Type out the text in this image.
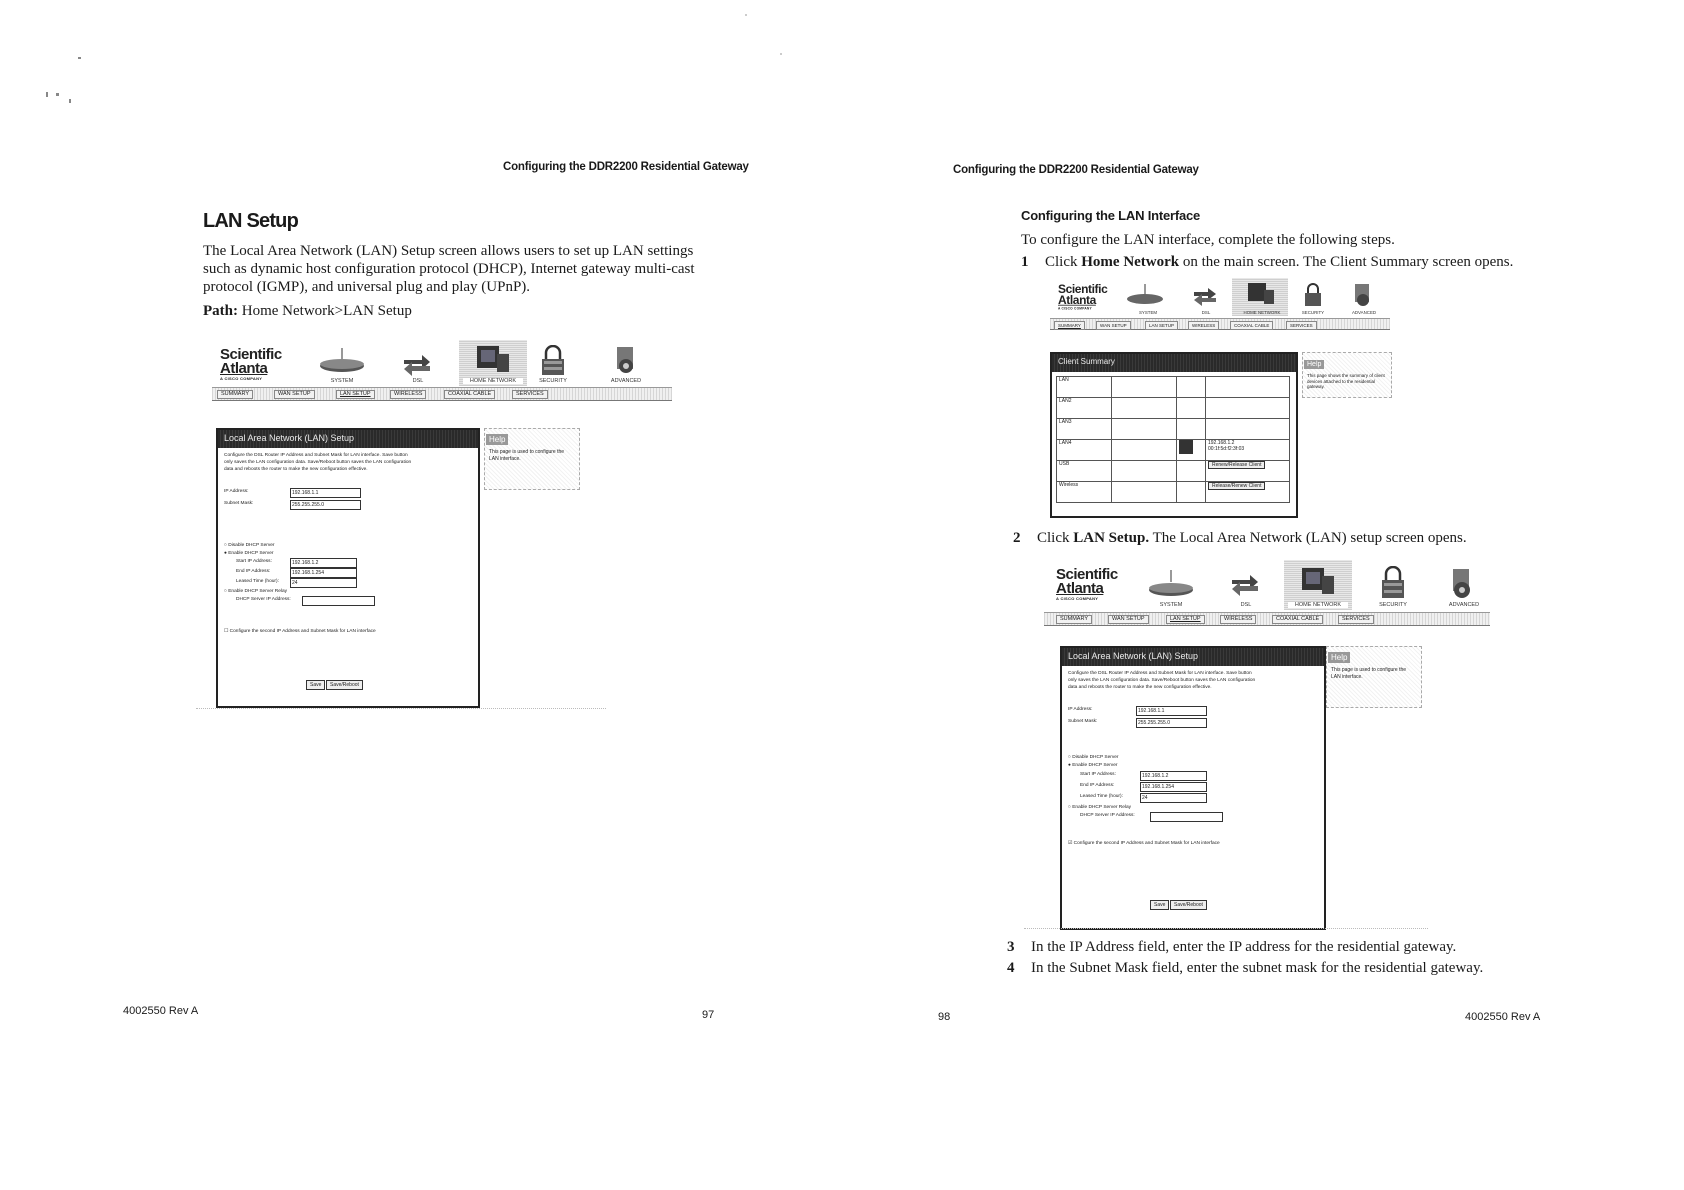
Configuring the DDR2200 Residential Gateway
LAN Setup
The Local Area Network (LAN) Setup screen allows users to set up LAN settings
such as dynamic host configuration protocol (DHCP), Internet gateway multi-cast
protocol (IGMP), and universal plug and play (UPnP).
Path: Home Network>LAN Setup
Scientific
Atlanta
A CISCO COMPANY	SYSTEM	DSL	HOME NETWORK	SECURITY	ADVANCED
SUMMARY	WAN SETUP	LAN SETUP	WIRELESS	COAXIAL CABLE	SERVICES
Local Area Network (LAN) Setup
Configure the DSL Router IP Address and Subnet Mask for LAN interface. Save button
only saves the LAN configuration data. Save/Reboot button saves the LAN configuration
data and reboots the router to make the new configuration effective.
IP Address:	192.168.1.1
Subnet Mask:	255.255.255.0
○ Disable DHCP Server
● Enable DHCP Server
Start IP Address:	192.168.1.2
End IP Address:	192.168.1.254
Leased Time (hour):	24
○ Enable DHCP Server Relay
DHCP Server IP Address:
☐ Configure the second IP Address and Subnet Mask for LAN interface
Save	Save/Reboot
Help
This page is used to configure the LAN interface.
4002550 Rev A	97
Configuring the DDR2200 Residential Gateway
Configuring the LAN Interface
To configure the LAN interface, complete the following steps.
1 Click Home Network on the main screen. The Client Summary screen opens.
Scientific
Atlanta
A CISCO COMPANY
SYSTEM	DSL	HOME NETWORK	SECURITY	ADVANCED
SUMMARY	WAN SETUP	LAN SETUP	WIRELESS	COAXIAL CABLE	SERVICES
Client Summary
LAN			
LAN2			
LAN3			
LAN4			192.168.1.2
00:1f:5d:f2:3f:03

USB			Renew/Release Client
Wireless			Release/Renew Client
Help
This page shows the summary of client devices attached to the residential gateway.
2 Click LAN Setup. The Local Area Network (LAN) setup screen opens.
Scientific
Atlanta
A CISCO COMPANY
SYSTEM	DSL	HOME NETWORK	SECURITY	ADVANCED
SUMMARY	WAN SETUP	LAN SETUP	WIRELESS	COAXIAL CABLE	SERVICES
Local Area Network (LAN) Setup
Configure the DSL Router IP Address and Subnet Mask for LAN interface. Save button
only saves the LAN configuration data. Save/Reboot button saves the LAN configuration
data and reboots the router to make the new configuration effective.
IP Address:	192.168.1.1
Subnet Mask:	255.255.255.0
○ Disable DHCP Server
● Enable DHCP Server
Start IP Address:	192.168.1.2
End IP Address:	192.168.1.254
Leased Time (hour):	24
○ Enable DHCP Server Relay
DHCP Server IP Address:
☑ Configure the second IP Address and Subnet Mask for LAN interface
Save	Save/Reboot
Help
This page is used to configure the LAN interface.
3 In the IP Address field, enter the IP address for the residential gateway.
4 In the Subnet Mask field, enter the subnet mask for the residential gateway.
98	4002550 Rev A
